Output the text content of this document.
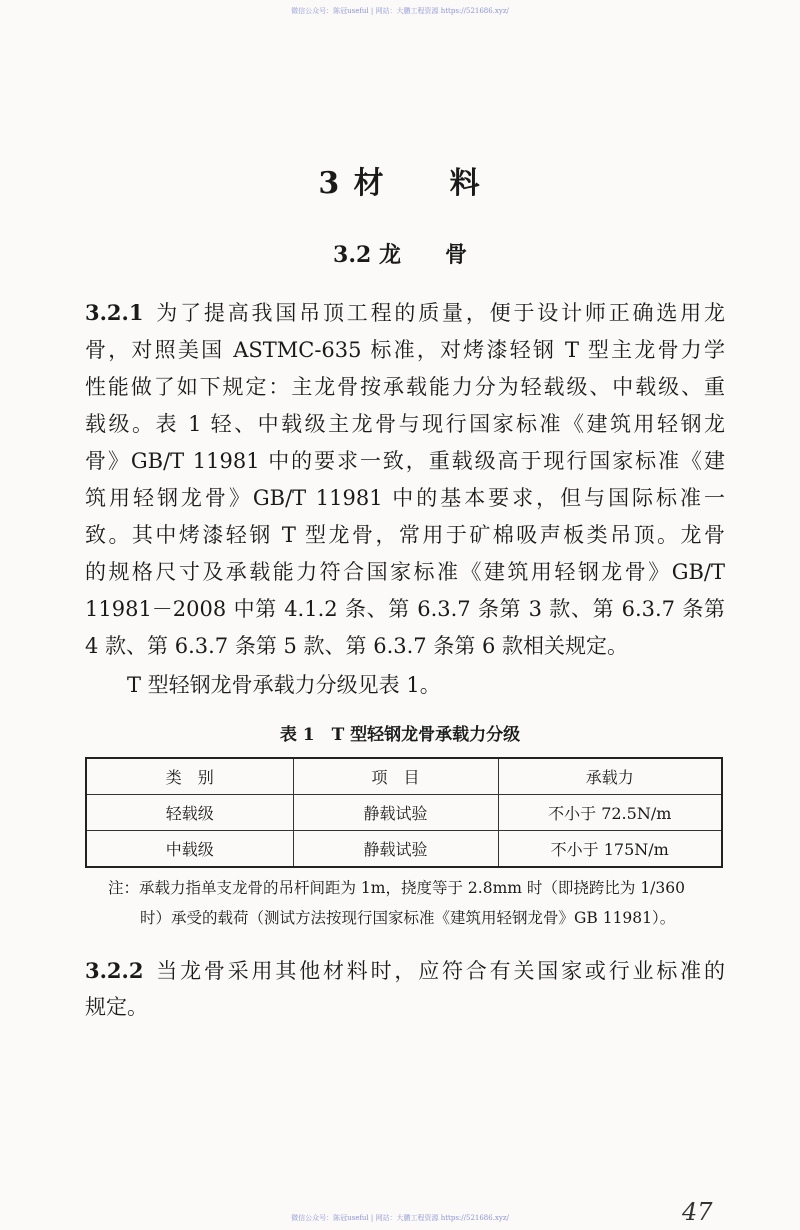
微信公众号：陈冠useful | 网站：大鹏工程资源 https://521686.xyz/
3 材　　料
3.2 龙　　骨
3.2.1 为了提高我国吊顶工程的质量，便于设计师正确选用龙
骨，对照美国 ASTMC-635 标准，对烤漆轻钢 T 型主龙骨力学
性能做了如下规定：主龙骨按承载能力分为轻载级、中载级、重
载级。表 1 轻、中载级主龙骨与现行国家标准《建筑用轻钢龙
骨》GB/T 11981 中的要求一致，重载级高于现行国家标准《建
筑用轻钢龙骨》GB/T 11981 中的基本要求，但与国际标准一
致。其中烤漆轻钢 T 型龙骨，常用于矿棉吸声板类吊顶。龙骨
的规格尺寸及承载能力符合国家标准《建筑用轻钢龙骨》GB/T
11981－2008 中第 4.1.2 条、第 6.3.7 条第 3 款、第 6.3.7 条第
4 款、第 6.3.7 条第 5 款、第 6.3.7 条第 6 款相关规定。
T 型轻钢龙骨承载力分级见表 1。
表 1　T 型轻钢龙骨承载力分级
类　别	项　目	承载力
轻载级	静载试验	不小于 72.5N/m
中载级	静载试验	不小于 175N/m
注：承载力指单支龙骨的吊杆间距为 1m，挠度等于 2.8mm 时（即挠跨比为 1/360
时）承受的载荷（测试方法按现行国家标准《建筑用轻钢龙骨》GB 11981）。
3.2.2 当龙骨采用其他材料时，应符合有关国家或行业标准的
规定。
微信公众号：陈冠useful | 网站：大鹏工程资源 https://521686.xyz/	47
